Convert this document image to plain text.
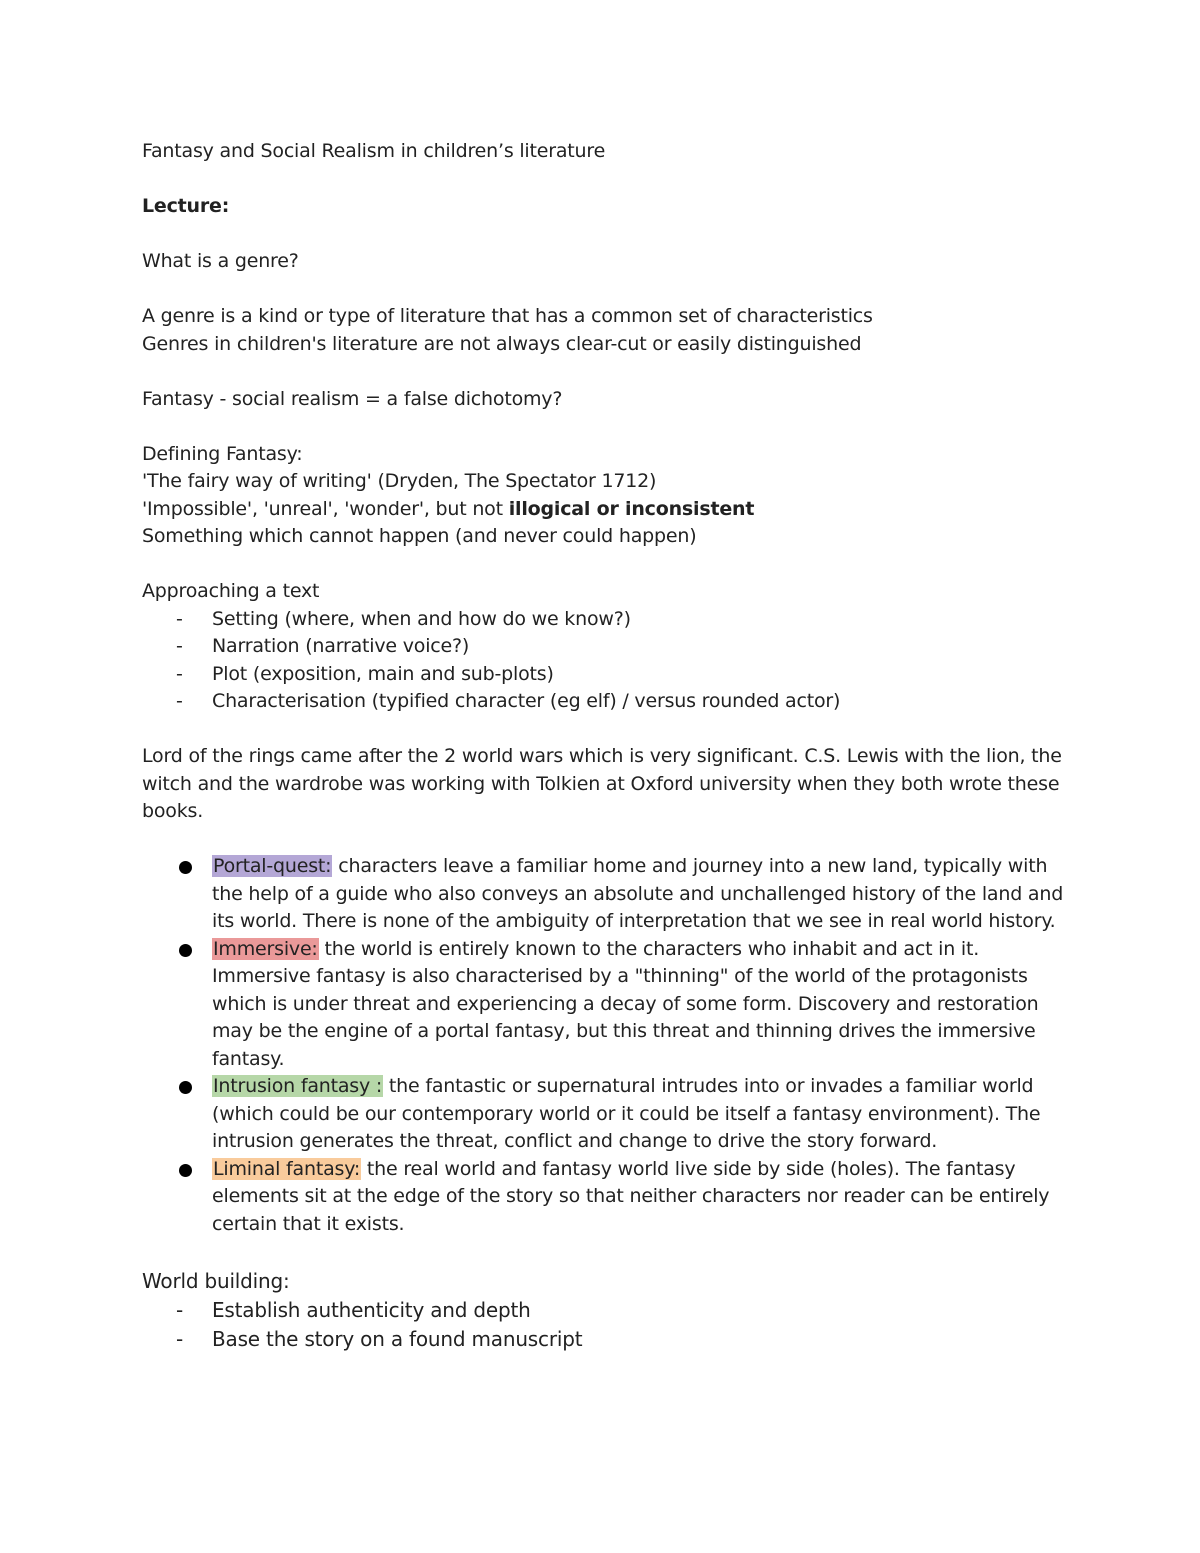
Fantasy and Social Realism in children’s literature

Lecture:

What is a genre?

A genre is a kind or type of literature that has a common set of characteristics

Genres in children's literature are not always clear-cut or easily distinguished

Fantasy - social realism = a false dichotomy?

Defining Fantasy:

'The fairy way of writing' (Dryden, The Spectator 1712)

'Impossible', 'unreal', 'wonder', but not illogical or inconsistent

Something which cannot happen (and never could happen)

Approaching a text

- Setting (where, when and how do we know?)
- Narration (narrative voice?)
- Plot (exposition, main and sub-plots)
- Characterisation (typified character (eg elf) / versus rounded actor)

Lord of the rings came after the 2 world wars which is very significant. C.S. Lewis with the lion, the witch and the wardrobe was working with Tolkien at Oxford university when they both wrote these books.

Portal-quest: characters leave a familiar home and journey into a new land, typically with the help of a guide who also conveys an absolute and unchallenged history of the land and its world. There is none of the ambiguity of interpretation that we see in real world history.
Immersive: the world is entirely known to the characters who inhabit and act in it. Immersive fantasy is also characterised by a "thinning" of the world of the protagonists which is under threat and experiencing a decay of some form. Discovery and restoration may be the engine of a portal fantasy, but this threat and thinning drives the immersive fantasy.
Intrusion fantasy : the fantastic or supernatural intrudes into or invades a familiar world (which could be our contemporary world or it could be itself a fantasy environment). The intrusion generates the threat, conflict and change to drive the story forward.
Liminal fantasy: the real world and fantasy world live side by side (holes). The fantasy elements sit at the edge of the story so that neither characters nor reader can be entirely certain that it exists.

World building:

- Establish authenticity and depth
- Base the story on a found manuscript
